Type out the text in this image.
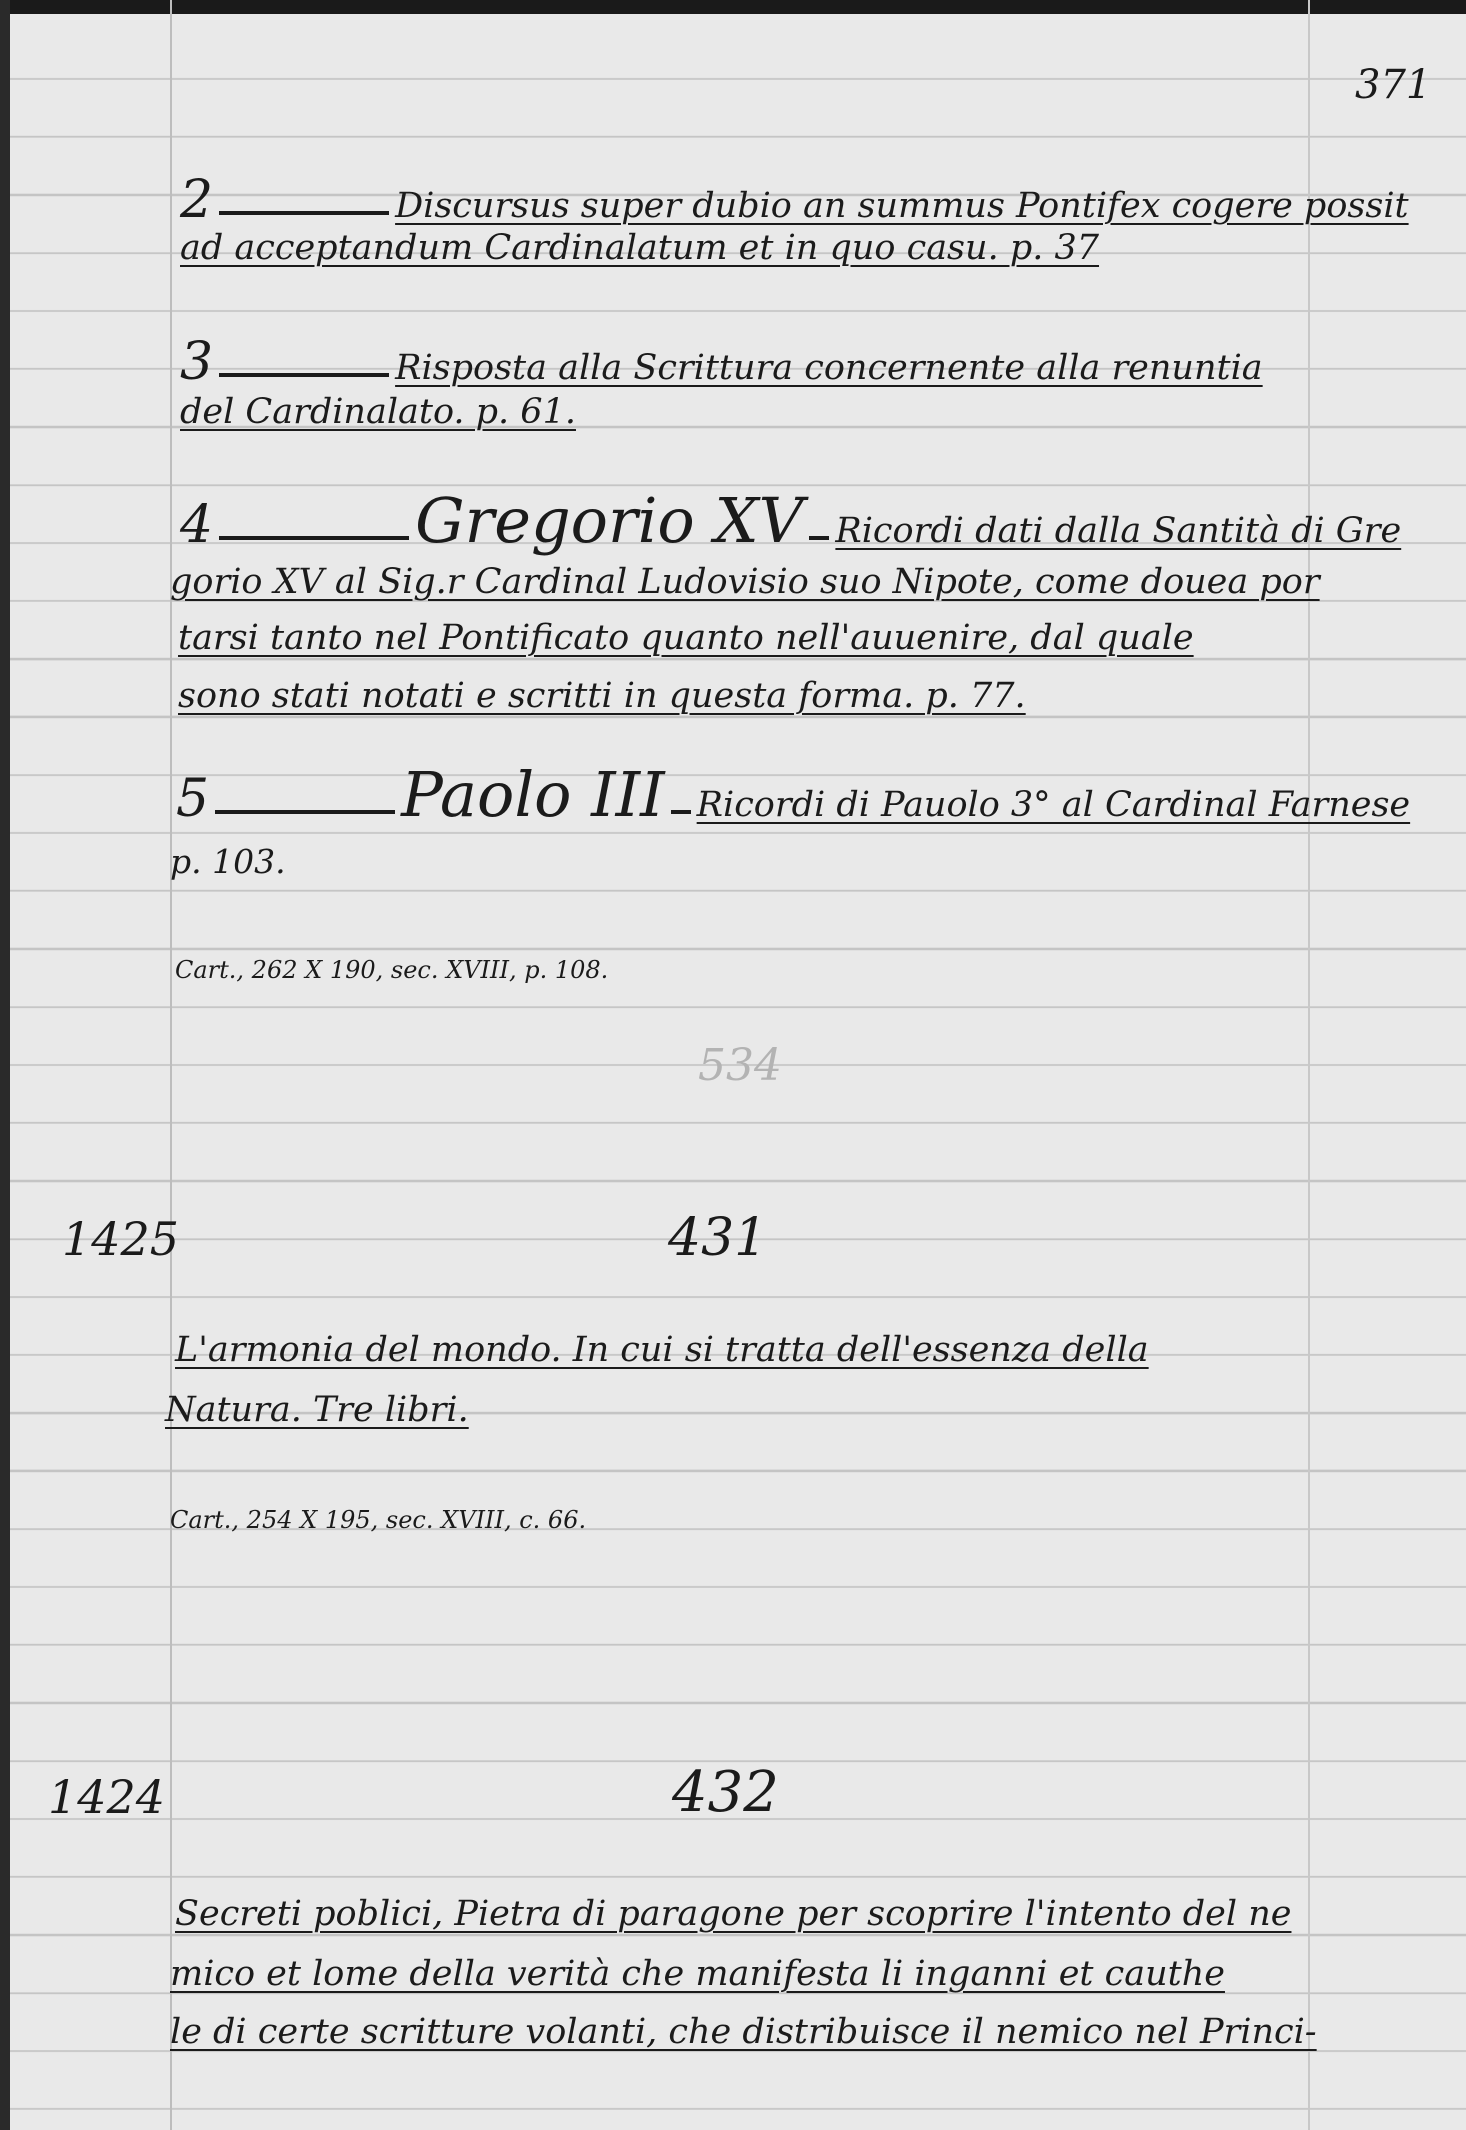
371
534
2	Discursus super dubio an summus Pontifex cogere possit
ad acceptandum Cardinalatum et in quo casu. p. 37
3	Risposta alla Scrittura concernente alla renuntia
del Cardinalato. p. 61.
4	Gregorio XV Ricordi dati dalla Santità di Gre
gorio XV al Sig.r Cardinal Ludovisio suo Nipote, come douea por
tarsi tanto nel Pontificato quanto nell'auuenire, dal quale
sono stati notati e scritti in questa forma. p. 77.
5	Paolo III Ricordi di Pauolo 3° al Cardinal Farnese
p. 103.
Cart., 262 X 190, sec. XVIII, p. 108.
1425	431
L'armonia del mondo. In cui si tratta dell'essenza della
Natura. Tre libri.
Cart., 254 X 195, sec. XVIII, c. 66.
1424	432
Secreti poblici, Pietra di paragone per scoprire l'intento del ne
mico et lome della verità che manifesta li inganni et cauthe
le di certe scritture volanti, che distribuisce il nemico nel Princi-
